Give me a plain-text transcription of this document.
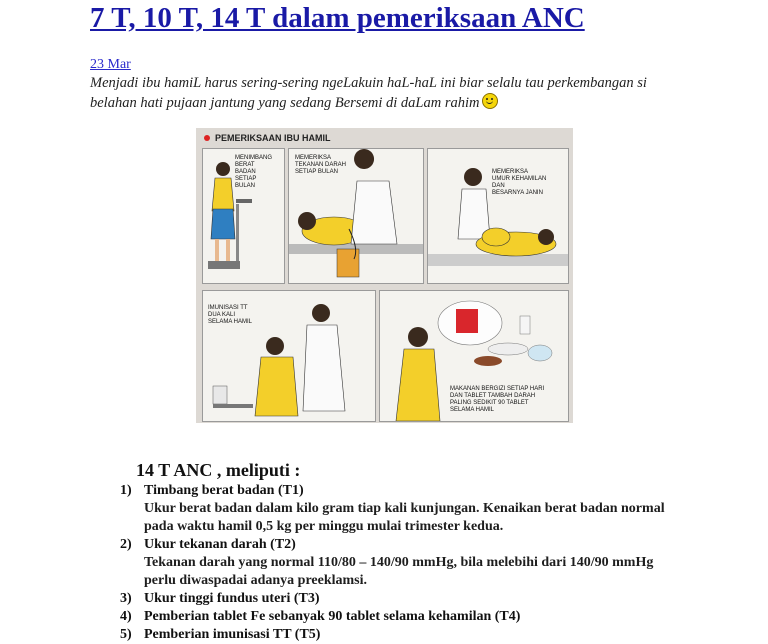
7 T, 10 T, 14 T dalam pemeriksaan ANC
23 Mar
Menjadi ibu hamiL harus sering-sering ngeLakuin haL-haL ini biar selalu tau perkembangan si belahan hati pujaan jantung yang sedang Bersemi di daLam rahim
PEMERIKSAAN IBU HAMIL
MENIMBANG
BERAT
BADAN
SETIAP
BULAN
MEMERIKSA
TEKANAN DARAH
SETIAP BULAN	MEMERIKSA
UMUR KEHAMILAN
DAN
BESARNYA JANIN
IMUNISASI TT
DUA KALI
SELAMA HAMIL
MAKANAN BERGIZI SETIAP HARI
DAN TABLET TAMBAH DARAH
PALING SEDIKIT 90 TABLET
SELAMA HAMIL
14 T ANC , meliputi :
1) Timbang berat badan (T1)
Ukur berat badan dalam kilo gram tiap kali kunjungan. Kenaikan berat badan normal pada waktu hamil 0,5 kg per minggu mulai trimester kedua.
2) Ukur tekanan darah (T2)
Tekanan darah yang normal 110/80 – 140/90 mmHg, bila melebihi dari 140/90 mmHg perlu diwaspadai adanya preeklamsi.
3) Ukur tinggi fundus uteri (T3)
4) Pemberian tablet Fe sebanyak 90 tablet selama kehamilan (T4)
5) Pemberian imunisasi TT (T5)
